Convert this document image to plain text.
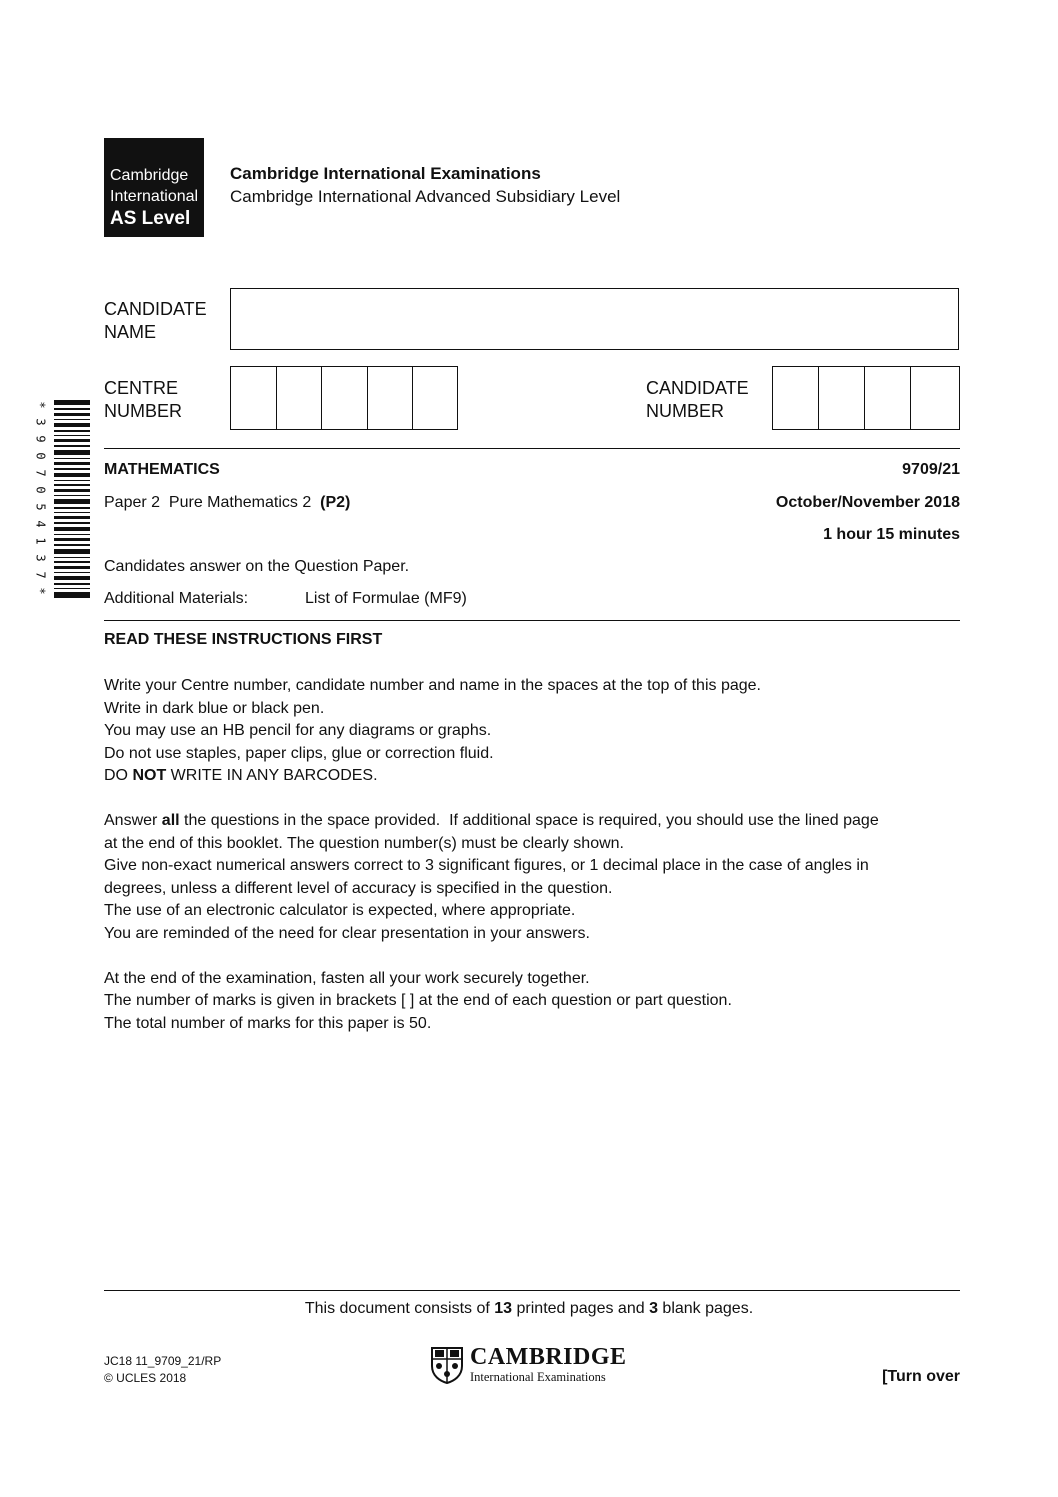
Cambridge
International
AS Level
Cambridge International Examinations
Cambridge International Advanced Subsidiary Level
CANDIDATE
NAME
CENTRE
NUMBER
CANDIDATE
NUMBER
*
3
9
0
7
0
5
4
1
3
7
*
MATHEMATICS	9709/21
Paper 2  Pure Mathematics 2  (P2)	October/November 2018
1 hour 15 minutes
Candidates answer on the Question Paper.
Additional Materials:	List of Formulae (MF9)
READ THESE INSTRUCTIONS FIRST

Write your Centre number, candidate number and name in the spaces at the top of this page.

Write in dark blue or black pen.

You may use an HB pencil for any diagrams or graphs.

Do not use staples, paper clips, glue or correction fluid.

DO NOT WRITE IN ANY BARCODES.

Answer all the questions in the space provided.  If additional space is required, you should use the lined page

at the end of this booklet. The question number(s) must be clearly shown.

Give non-exact numerical answers correct to 3 significant figures, or 1 decimal place in the case of angles in

degrees, unless a different level of accuracy is specified in the question.

The use of an electronic calculator is expected, where appropriate.

You are reminded of the need for clear presentation in your answers.

At the end of the examination, fasten all your work securely together.

The number of marks is given in brackets [ ] at the end of each question or part question.

The total number of marks for this paper is 50.

This document consists of 13 printed pages and 3 blank pages.
JC18 11_9709_21/RP
© UCLES 2018
CAMBRIDGE
International Examinations	[Turn over
